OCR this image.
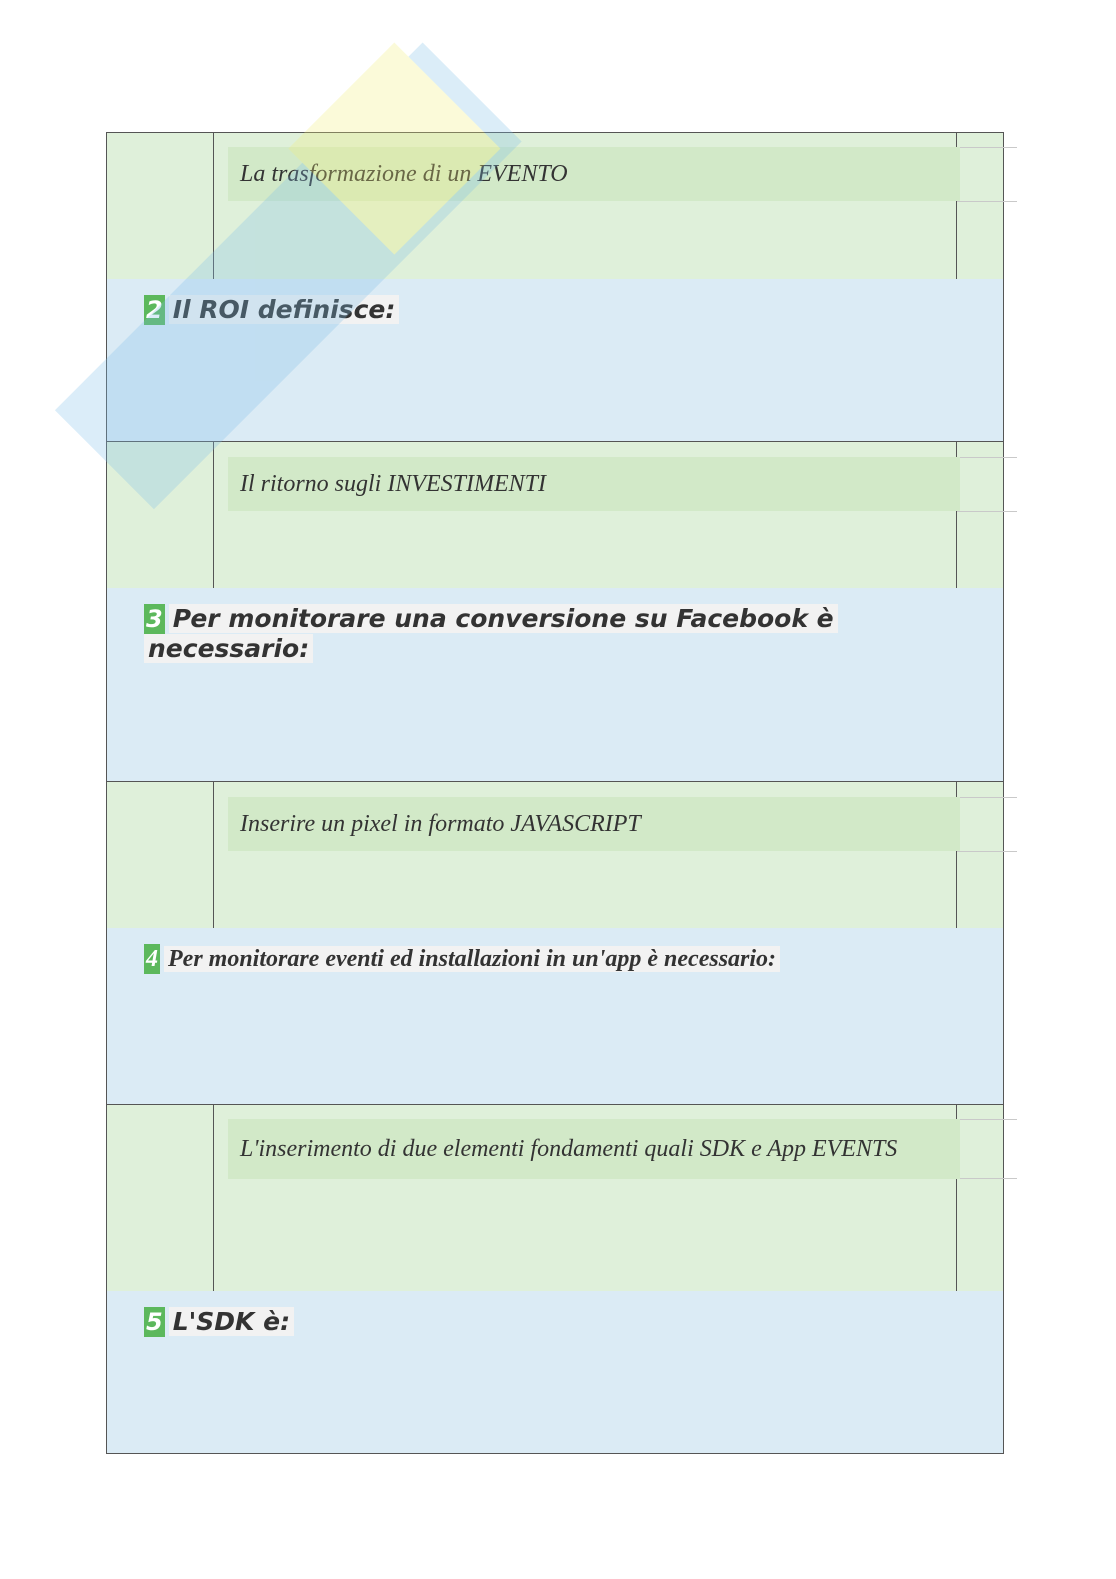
La trasformazione di un EVENTO
2 Il ROI definisce:
Il ritorno sugli INVESTIMENTI
3 Per monitorare una conversione su Facebook è necessario:
Inserire un pixel in formato JAVASCRIPT
4 Per monitorare eventi ed installazioni in un'app è necessario:
L'inserimento di due elementi fondamenti quali SDK e App EVENTS
5 L'SDK è:
